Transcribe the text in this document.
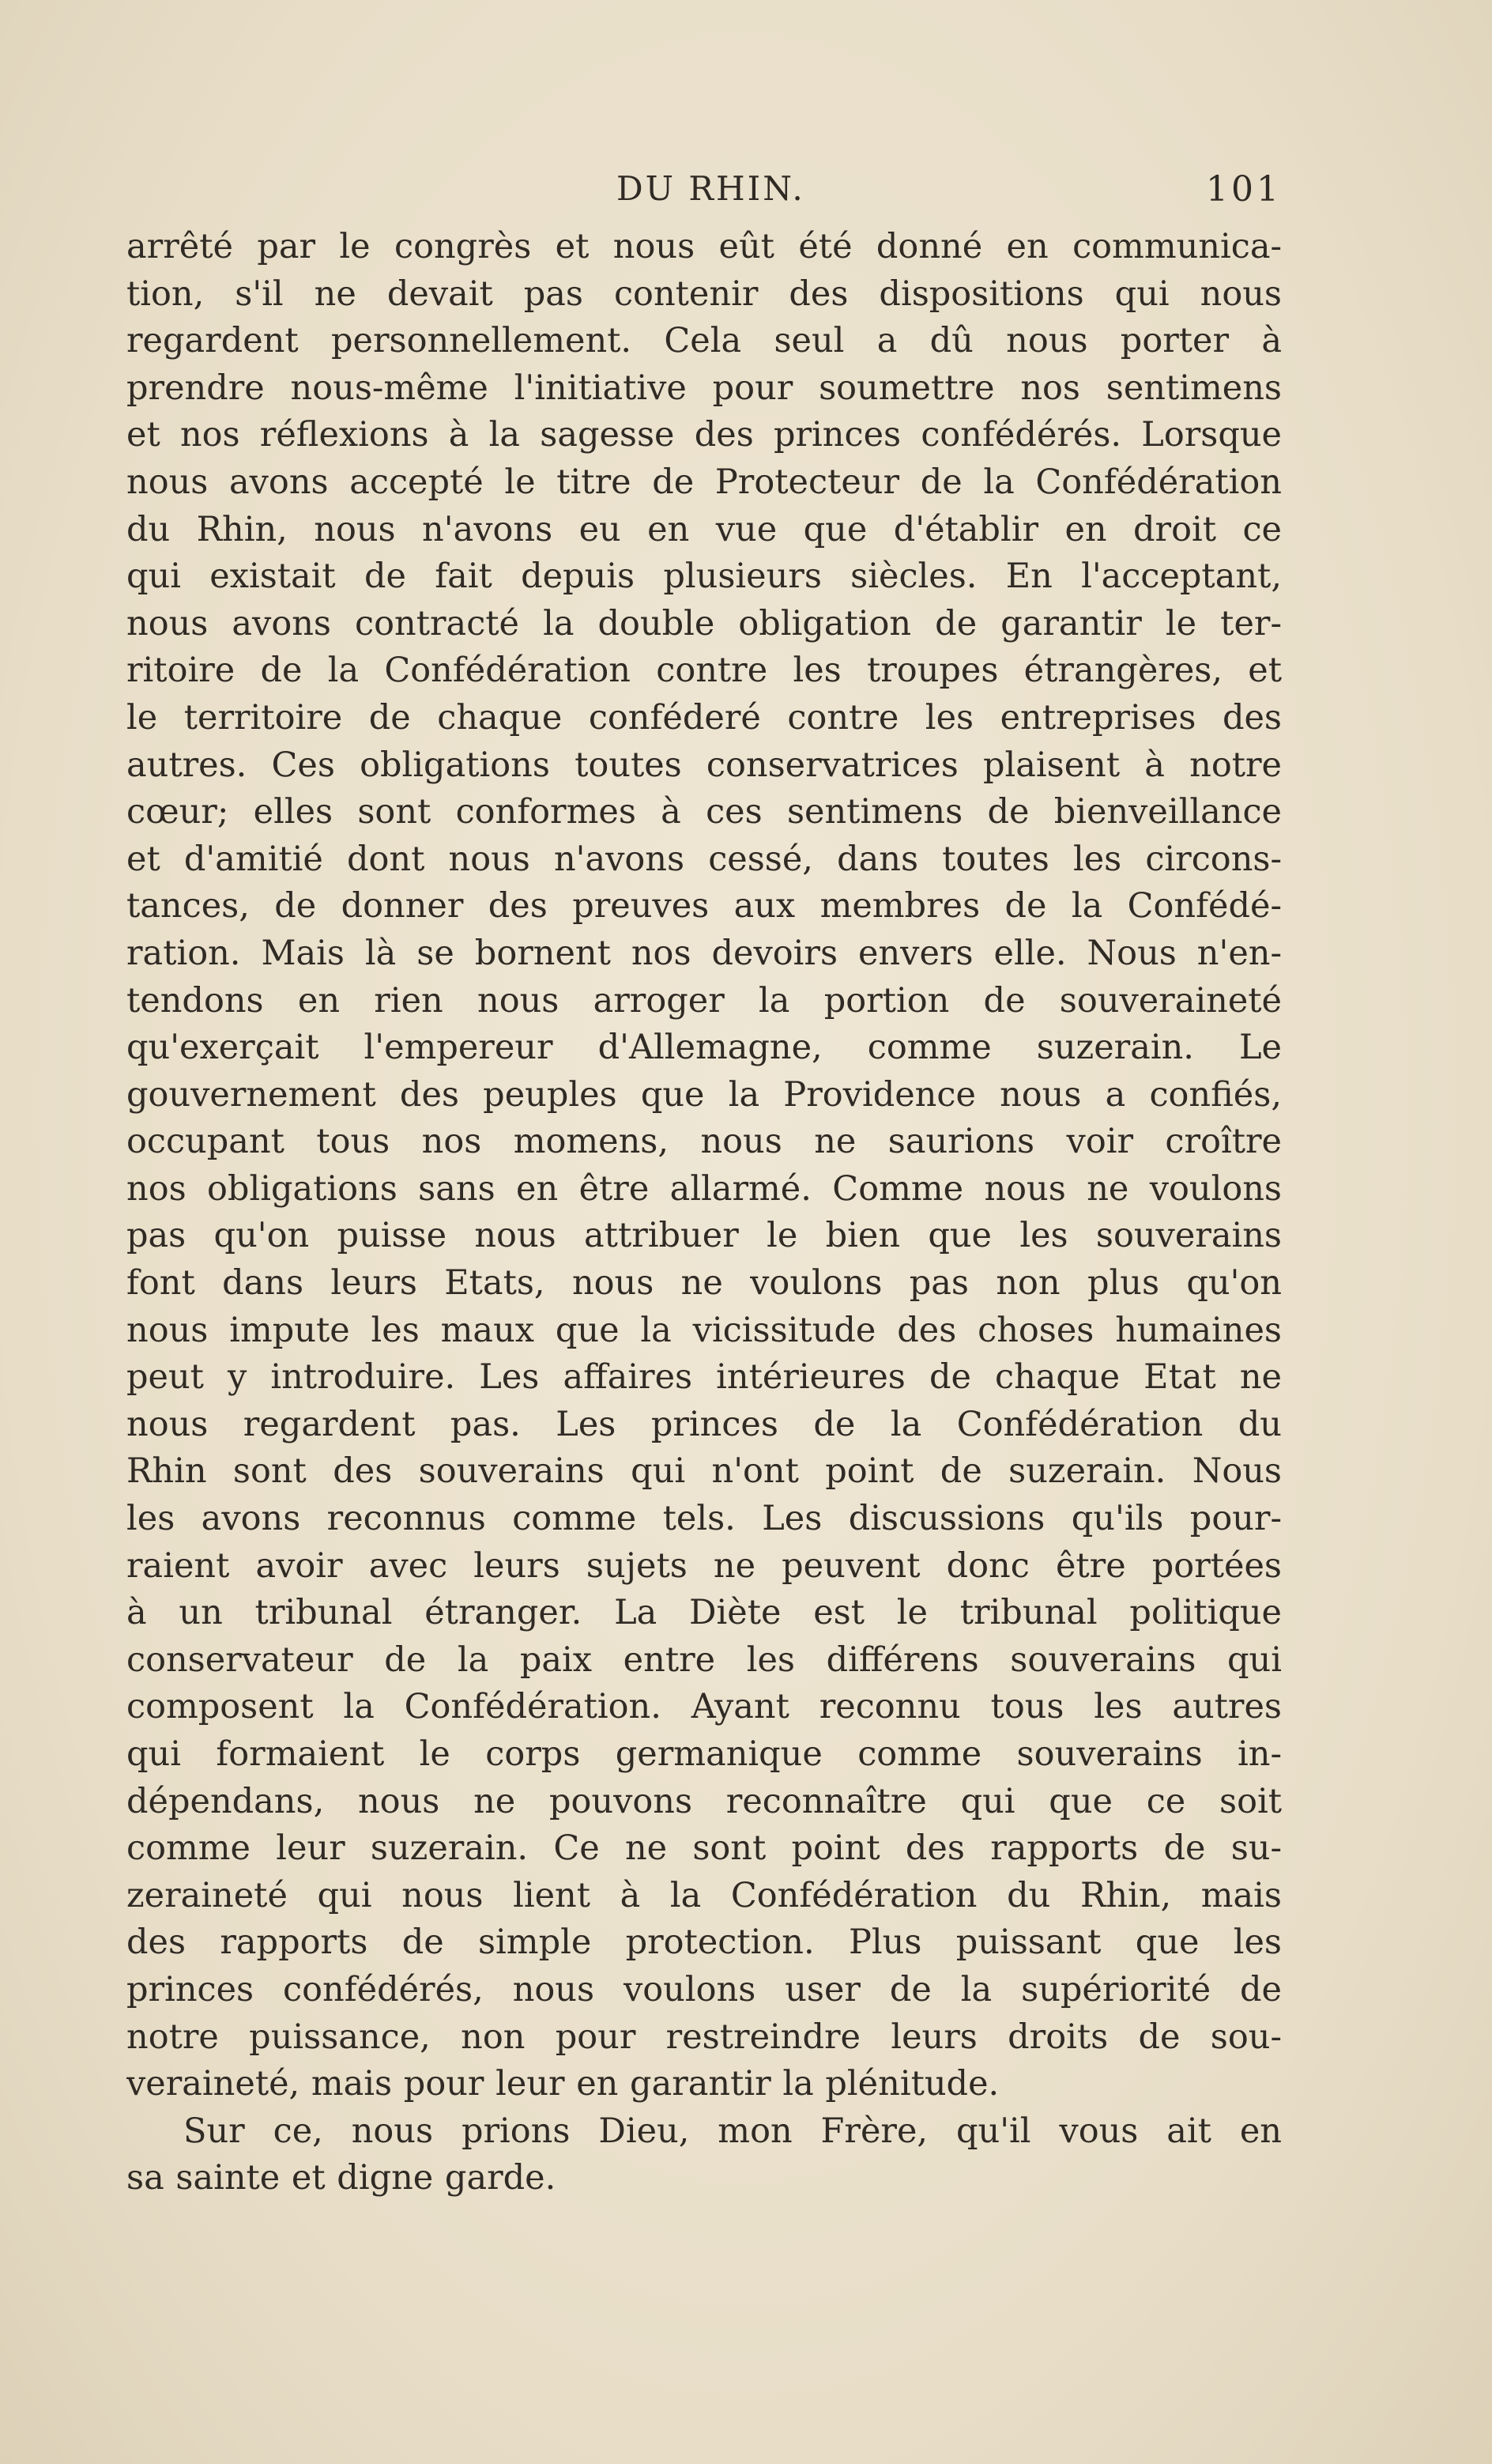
DU RHIN.	101
arrêté par le congrès et nous eût été donné en communica-
tion, s'il ne devait pas contenir des dispositions qui nous
regardent personnellement. Cela seul a dû nous porter à
prendre nous-même l'initiative pour soumettre nos sentimens
et nos réflexions à la sagesse des princes confédérés. Lorsque
nous avons accepté le titre de Protecteur de la Confédération
du Rhin, nous n'avons eu en vue que d'établir en droit ce
qui existait de fait depuis plusieurs siècles. En l'acceptant,
nous avons contracté la double obligation de garantir le ter-
ritoire de la Confédération contre les troupes étrangères, et
le territoire de chaque conféderé contre les entreprises des
autres. Ces obligations toutes conservatrices plaisent à notre
cœur; elles sont conformes à ces sentimens de bienveillance
et d'amitié dont nous n'avons cessé, dans toutes les circons-
tances, de donner des preuves aux membres de la Confédé-
ration. Mais là se bornent nos devoirs envers elle. Nous n'en-
tendons en rien nous arroger la portion de souveraineté
qu'exerçait l'empereur d'Allemagne, comme suzerain. Le
gouvernement des peuples que la Providence nous a confiés,
occupant tous nos momens, nous ne saurions voir croître
nos obligations sans en être allarmé. Comme nous ne voulons
pas qu'on puisse nous attribuer le bien que les souverains
font dans leurs Etats, nous ne voulons pas non plus qu'on
nous impute les maux que la vicissitude des choses humaines
peut y introduire. Les affaires intérieures de chaque Etat ne
nous regardent pas. Les princes de la Confédération du
Rhin sont des souverains qui n'ont point de suzerain. Nous
les avons reconnus comme tels. Les discussions qu'ils pour-
raient avoir avec leurs sujets ne peuvent donc être portées
à un tribunal étranger. La Diète est le tribunal politique
conservateur de la paix entre les différens souverains qui
composent la Confédération. Ayant reconnu tous les autres
qui formaient le corps germanique comme souverains in-
dépendans, nous ne pouvons reconnaître qui que ce soit
comme leur suzerain. Ce ne sont point des rapports de su-
zeraineté qui nous lient à la Confédération du Rhin, mais
des rapports de simple protection. Plus puissant que les
princes confédérés, nous voulons user de la supériorité de
notre puissance, non pour restreindre leurs droits de sou-
veraineté, mais pour leur en garantir la plénitude.
Sur ce, nous prions Dieu, mon Frère, qu'il vous ait en
sa sainte et digne garde.
